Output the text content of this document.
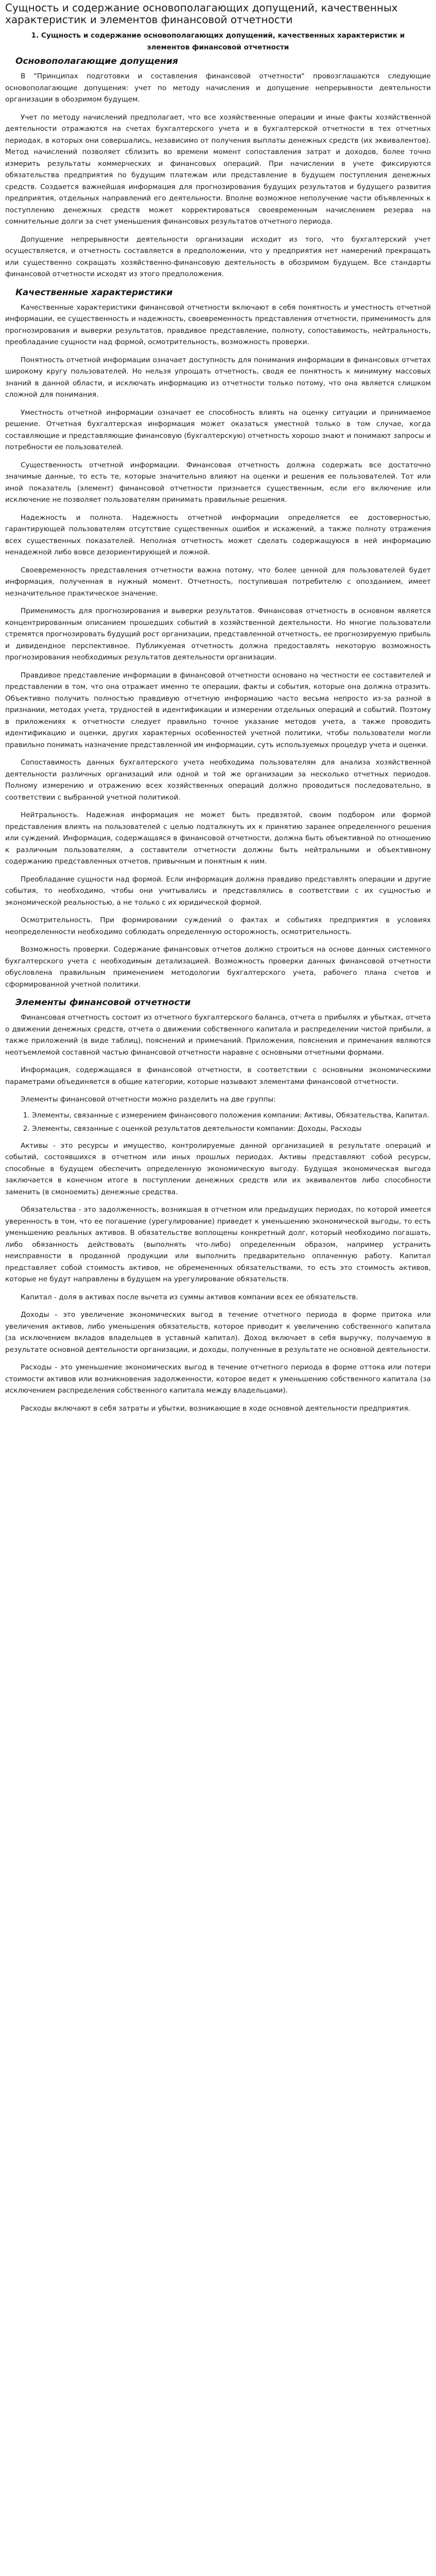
Сущность и содержание основополагающих допущений, качественных характеристик и элементов финансовой отчетности
1. Сущность и содержание основополагающих допущений, качественных характеристик и элементов финансовой отчетности
Основополагающие допущения

В "Принципах подготовки и составления финансовой отчетности" провозглашаются следующие основополагающие допущения: учет по методу начисления и допущение непрерывности деятельности организации в обозримом будущем.

Учет по методу начислений предполагает, что все хозяйственные операции и иные факты хозяйственной деятельности отражаются на счетах бухгалтерского учета и в бухгалтерской отчетности в тех отчетных периодах, в которых они совершались, независимо от получения выплаты денежных средств (их эквивалентов). Метод начислений позволяет сблизить во времени момент сопоставления затрат и доходов, более точно измерить результаты коммерческих и финансовых операций. При начислении в учете фиксируются обязательства предприятия по будущим платежам или представление в будущем поступления денежных средств. Создается важнейшая информация для прогнозирования будущих результатов и будущего развития предприятия, отдельных направлений его деятельности. Вполне возможное неполучение части объявленных к поступлению денежных средств может корректироваться своевременным начислением резерва на сомнительные долги за счет уменьшения финансовых результатов отчетного периода.

Допущение непрерывности деятельности организации исходит из того, что бухгалтерский учет осуществляется, и отчетность составляется в предположении, что у предприятия нет намерений прекращать или существенно сокращать хозяйственно-финансовую деятельность в обозримом будущем. Все стандарты финансовой отчетности исходят из этого предположения.

Качественные характеристики

Качественные характеристики финансовой отчетности включают в себя понятность и уместность отчетной информации, ее существенность и надежность, своевременность представления отчетности, применимость для прогнозирования и выверки результатов, правдивое представление, полноту, сопоставимость, нейтральность, преобладание сущности над формой, осмотрительность, возможность проверки.

Понятность отчетной информации означает доступность для понимания информации в финансовых отчетах широкому кругу пользователей. Но нельзя упрощать отчетность, сводя ее понятность к минимуму массовых знаний в данной области, и исключать информацию из отчетности только потому, что она является слишком сложной для понимания.

Уместность отчетной информации означает ее способность влиять на оценку ситуации и принимаемое решение. Отчетная бухгалтерская информация может оказаться уместной только в том случае, когда составляющие и представляющие финансовую (бухгалтерскую) отчетность хорошо знают и понимают запросы и потребности ее пользователей.

Существенность отчетной информации. Финансовая отчетность должна содержать все достаточно значимые данные, то есть те, которые значительно влияют на оценки и решения ее пользователей. Тот или иной показатель (элемент) финансовой отчетности признается существенным, если его включение или исключение не позволяет пользователям принимать правильные решения.

Надежность и полнота. Надежность отчетной информации определяется ее достоверностью, гарантирующей пользователям отсутствие существенных ошибок и искажений, а также полноту отражения всех существенных показателей. Неполная отчетность может сделать содержащуюся в ней информацию ненадежной либо вовсе дезориентирующей и ложной.

Своевременность представления отчетности важна потому, что более ценной для пользователей будет информация, полученная в нужный момент. Отчетность, поступившая потребителю с опозданием, имеет незначительное практическое значение.

Применимость для прогнозирования и выверки результатов. Финансовая отчетность в основном является концентрированным описанием прошедших событий в хозяйственной деятельности. Но многие пользователи стремятся прогнозировать будущий рост организации, представленной отчетность, ее прогнозируемую прибыль и дивидендное перспективное. Публикуемая отчетность должна предоставлять некоторую возможность прогнозирования необходимых результатов деятельности организации.

Правдивое представление информации в финансовой отчетности основано на честности ее составителей и представлении в том, что она отражает именно те операции, факты и события, которые она должна отразить. Объективно получить полностью правдивую отчетную информацию часто весьма непросто из-за разной в признании, методах учета, трудностей в идентификации и измерении отдельных операций и событий. Поэтому в приложениях к отчетности следует правильно точное указание методов учета, а также проводить идентификацию и оценки, других характерных особенностей учетной политики, чтобы пользователи могли правильно понимать назначение представленной им информации, суть используемых процедур учета и оценки.

Сопоставимость данных бухгалтерского учета необходима пользователям для анализа хозяйственной деятельности различных организаций или одной и той же организации за несколько отчетных периодов. Полному измерению и отражению всех хозяйственных операций должно проводиться последовательно, в соответствии с выбранной учетной политикой.

Нейтральность. Надежная информация не может быть предвзятой, своим подбором или формой представления влиять на пользователей с целью подталкнуть их к принятию заранее определенного решения или суждений. Информация, содержащаяся в финансовой отчетности, должна быть объективной по отношению к различным пользователям, а составители отчетности должны быть нейтральными и объективному содержанию представленных отчетов, привычным и понятным к ним.

Преобладание сущности над формой. Если информация должна правдиво представлять операции и другие события, то необходимо, чтобы они учитывались и представлялись в соответствии с их сущностью и экономической реальностью, а не только с их юридической формой.

Осмотрительность. При формировании суждений о фактах и событиях предприятия в условиях неопределенности необходимо соблюдать определенную осторожность, осмотрительность.

Возможность проверки. Содержание финансовых отчетов должно строиться на основе данных системного бухгалтерского учета с необходимым детализацией. Возможность проверки данных финансовой отчетности обусловлена правильным применением методологии бухгалтерского учета, рабочего плана счетов и сформированной учетной политики.

Элементы финансовой отчетности

Финансовая отчетность состоит из отчетного бухгалтерского баланса, отчета о прибылях и убытках, отчета о движении денежных средств, отчета о движении собственного капитала и распределении чистой прибыли, а также приложений (в виде таблиц), пояснений и примечаний. Приложения, пояснения и примечания являются неотъемлемой составной частью финансовой отчетности наравне с основными отчетными формами.

Информация, содержащаяся в финансовой отчетности, в соответствии с основными экономическими параметрами объединяется в общие категории, которые называют элементами финансовой отчетности.

Элементы финансовой отчетности можно разделить на две группы:

1. Элементы, связанные с измерением финансового положения компании: Активы, Обязательства, Капитал.
2. Элементы, связанные с оценкой результатов деятельности компании: Доходы, Расходы

Активы - это ресурсы и имущество, контролируемые данной организацией в результате операций и событий, состоявшихся в отчетном или иных прошлых периодах. Активы представляют собой ресурсы, способные в будущем обеспечить определенную экономическую выгоду. Будущая экономическая выгода заключается в конечном итоге в поступлении денежных средств или их эквивалентов либо способности заменить (в смоноемить) денежные средства.

Обязательства - это задолженность, возникшая в отчетном или предыдущих периодах, по которой имеется уверенность в том, что ее погашение (урегулирование) приведет к уменьшению экономической выгоды, то есть уменьшению реальных активов. В обязательстве воплощены конкретный долг, который необходимо погашать, либо обязанность действовать (выполнять что-либо) определенным образом, например устранить неисправности в проданной продукции или выполнить предварительно оплаченную работу. Капитал представляет собой стоимость активов, не обремененных обязательствами, то есть это стоимость активов, которые не будут направлены в будущем на урегулирование обязательств.

Капитал - доля в активах после вычета из суммы активов компании всех ее обязательств.

Доходы – это увеличение экономических выгод в течение отчетного периода в форме притока или увеличения активов, либо уменьшения обязательств, которое приводит к увеличению собственного капитала (за исключением вкладов владельцев в уставный капитал). Доход включает в себя выручку, получаемую в результате основной деятельности организации, и доходы, полученные в результате не основной деятельности.

Расходы - это уменьшение экономических выгод в течение отчетного периода в форме оттока или потери стоимости активов или возникновения задолженности, которое ведет к уменьшению собственного капитала (за исключением распределения собственного капитала между владельцами).

Расходы включают в себя затраты и убытки, возникающие в ходе основной деятельности предприятия.
